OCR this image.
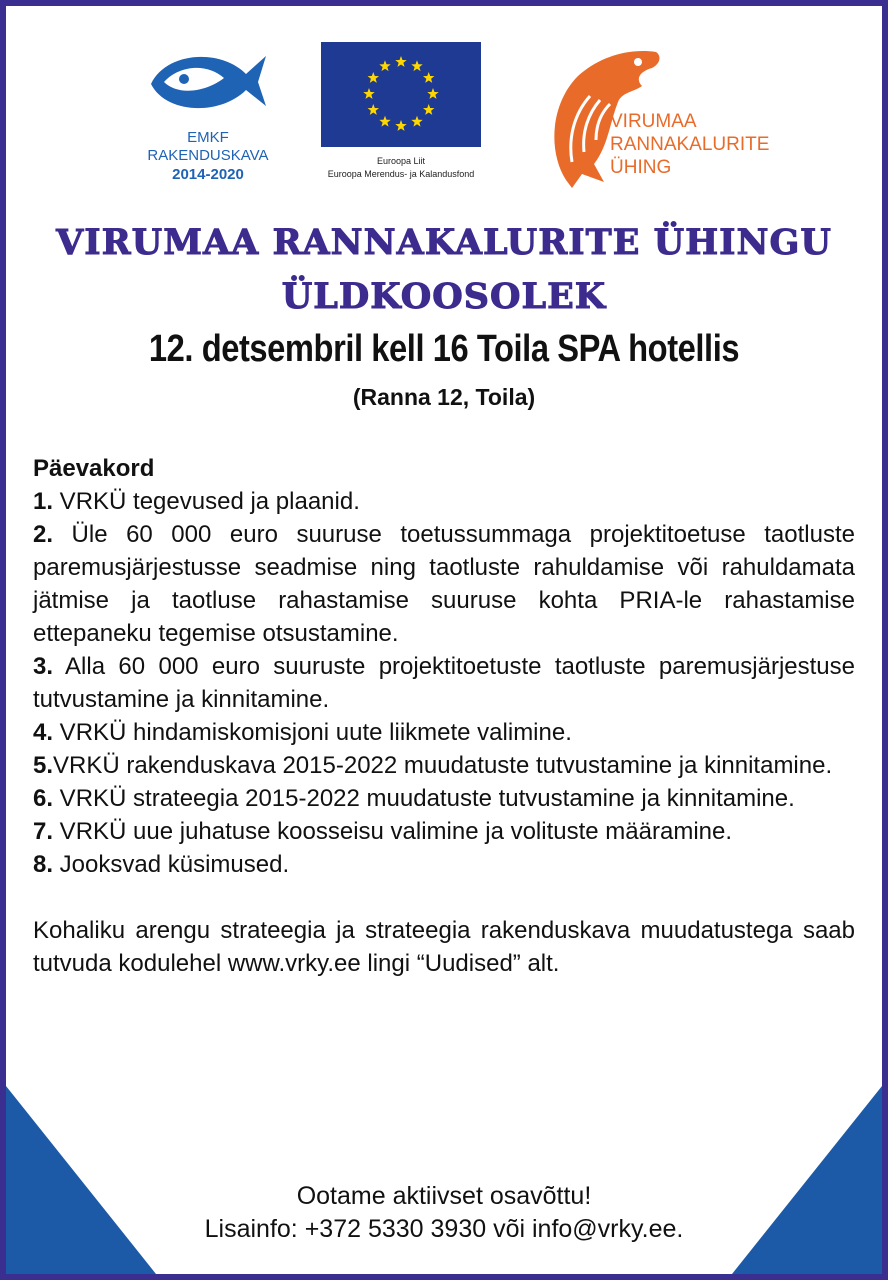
EMKF
RAKENDUSKAVA
2014-2020
Euroopa Liit
Euroopa Merendus- ja Kalandusfond
VIRUMAA
RANNAKALURITE
ÜHING
VIRUMAA RANNAKALURITE ÜHINGU
ÜLDKOOSOLEK
12. detsembril kell 16 Toila SPA hotellis
(Ranna 12, Toila)
Päevakord
1. VRKÜ tegevused ja plaanid.
2. Üle 60 000 euro suuruse toetussummaga projektitoetuse taotluste paremusjärjestusse seadmise ning taotluste rahuldamise või rahuldamata jätmise ja taotluse rahastamise suuruse kohta PRIA-le rahastamise ettepaneku tegemise otsustamine.
3. Alla 60 000 euro suuruste projektitoetuste taotluste paremusjärjestuse tutvustamine ja kinnitamine.
4. VRKÜ hindamiskomisjoni uute liikmete valimine.
5.VRKÜ rakenduskava 2015-2022 muudatuste tutvustamine ja kinnitamine.
6. VRKÜ strateegia 2015-2022 muudatuste tutvustamine ja kinnitamine.
7. VRKÜ uue juhatuse koosseisu valimine ja volituste määramine.
8. Jooksvad küsimused.
Kohaliku arengu strateegia ja strateegia rakenduskava muudatustega saab tutvuda kodulehel www.vrky.ee lingi “Uudised” alt.
Ootame aktiivset osavõttu!
Lisainfo: +372 5330 3930 või info@vrky.ee.
